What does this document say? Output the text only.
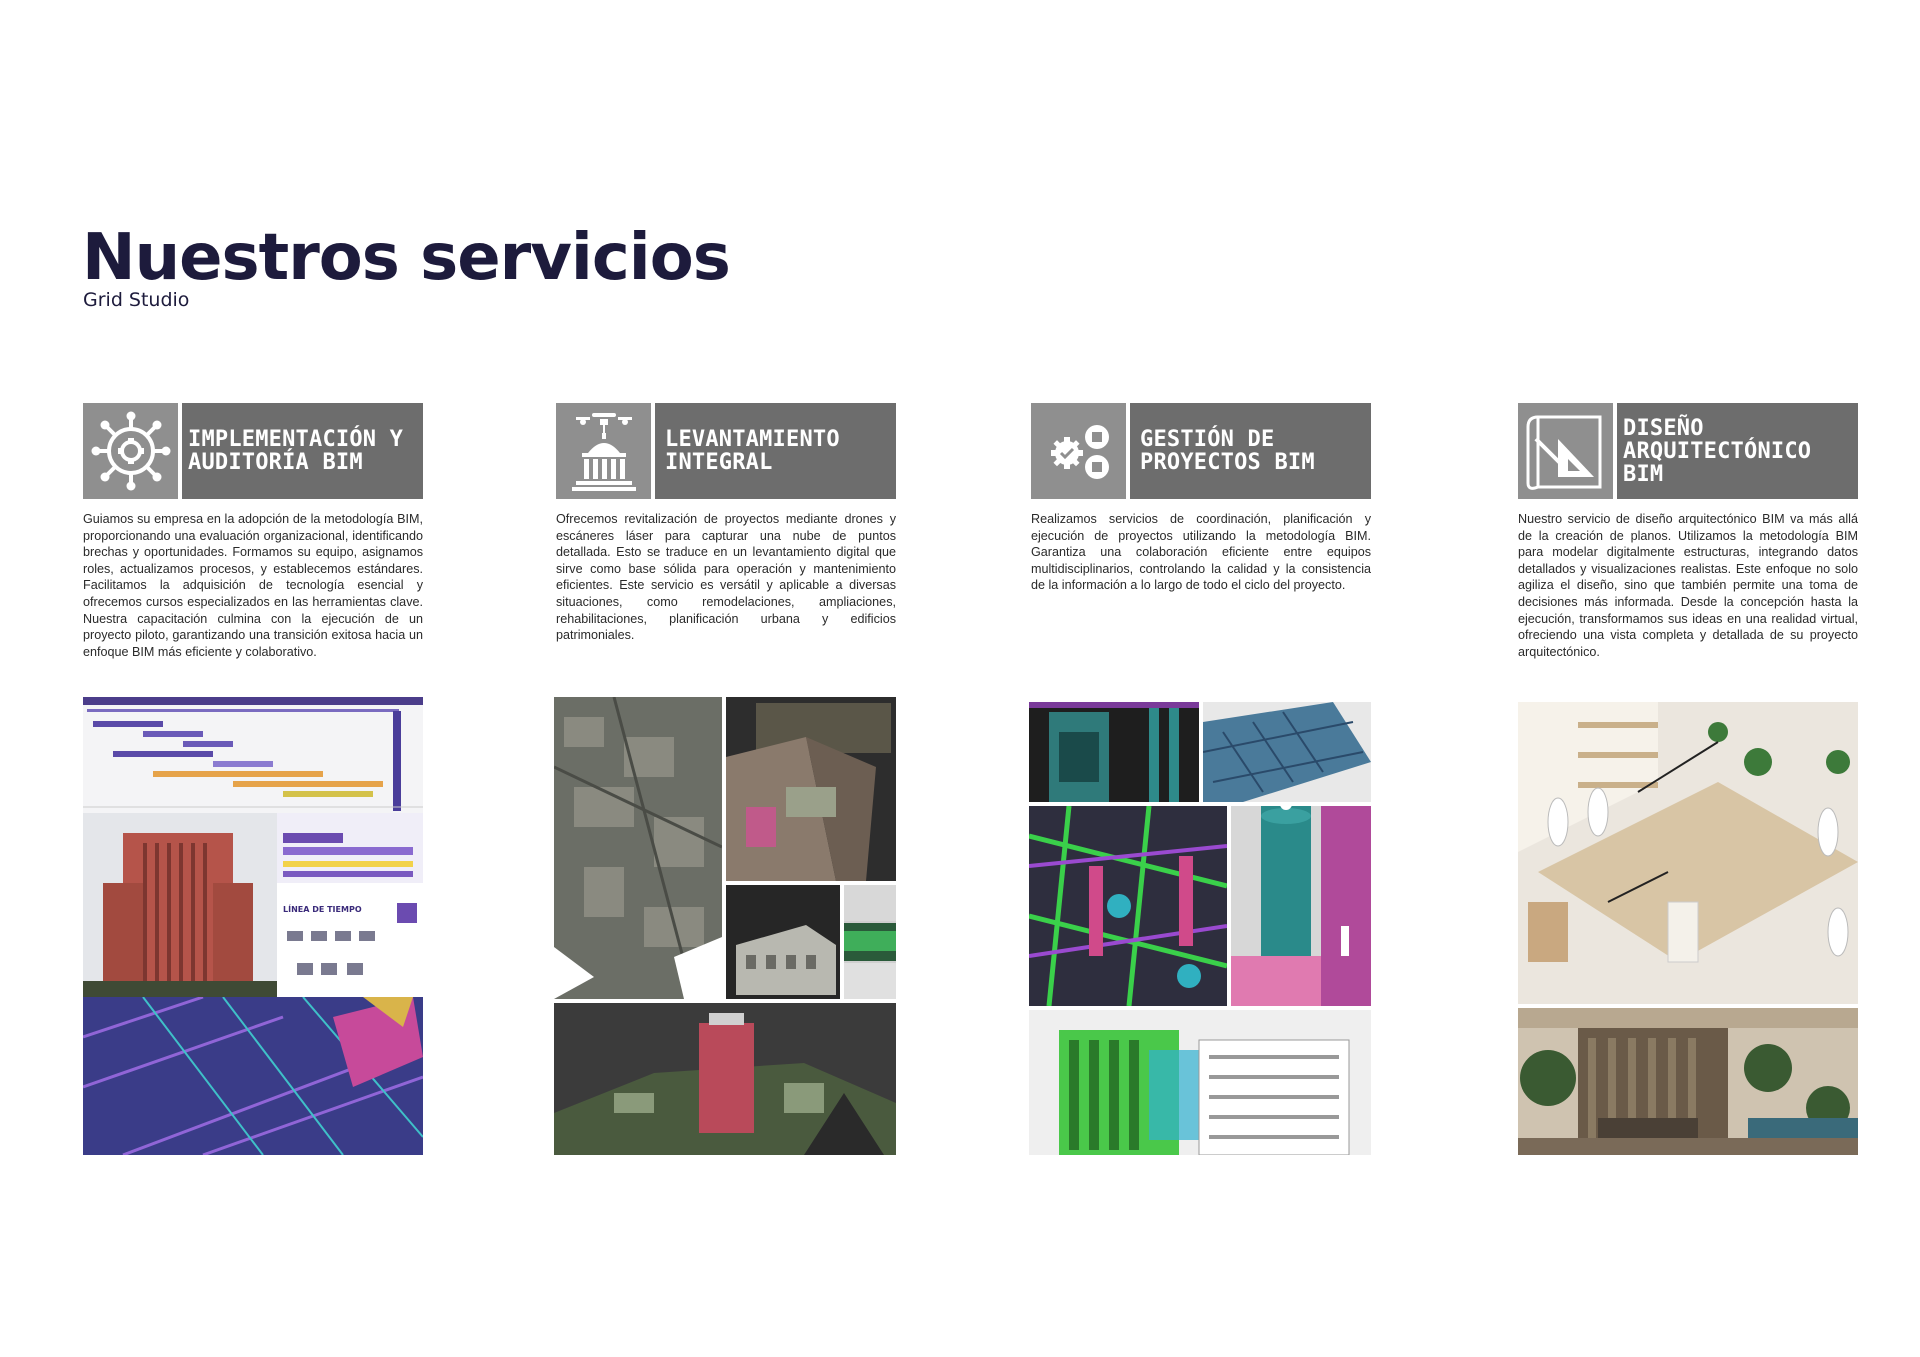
Nuestros servicios
Grid Studio
IMPLEMENTACIÓN Y AUDITORÍA BIM
Guiamos su empresa en la adopción de la metodología BIM, proporcionando una evaluación organizacional, identificando brechas y oportunidades. Formamos su equipo, asignamos roles, actualizamos procesos, y establecemos estándares. Facilitamos la adquisición de tecnología esencial y ofrecemos cursos especializados en las herramientas clave. Nuestra capacitación culmina con la ejecución de un proyecto piloto, garantizando una transición exitosa hacia un enfoque BIM más eficiente y colaborativo.
LÍNEA DE TIEMPO
LEVANTAMIENTO INTEGRAL
Ofrecemos revitalización de proyectos mediante drones y escáneres láser para capturar una nube de puntos detallada. Esto se traduce en un levantamiento digital que sirve como base sólida para operación y mantenimiento eficientes. Este servicio es versátil y aplicable a diversas situaciones, como remodelaciones, ampliaciones, rehabilitaciones, planificación urbana y edificios patrimoniales.
GESTIÓN DE PROYECTOS BIM
Realizamos servicios de coordinación, planificación y ejecución de proyectos utilizando la metodología BIM. Garantiza una colaboración eficiente entre equipos multidisciplinarios, controlando la calidad y la consistencia de la información a lo largo de todo el ciclo del proyecto.
DISEÑO ARQUITECTÓNICO BIM
Nuestro servicio de diseño arquitectónico BIM va más allá de la creación de planos. Utilizamos la metodología BIM para modelar digitalmente estructuras, integrando datos detallados y visualizaciones realistas. Este enfoque no solo agiliza el diseño, sino que también permite una toma de decisiones más informada. Desde la concepción hasta la ejecución, transformamos sus ideas en una realidad virtual, ofreciendo una vista completa y detallada de su proyecto arquitectónico.
